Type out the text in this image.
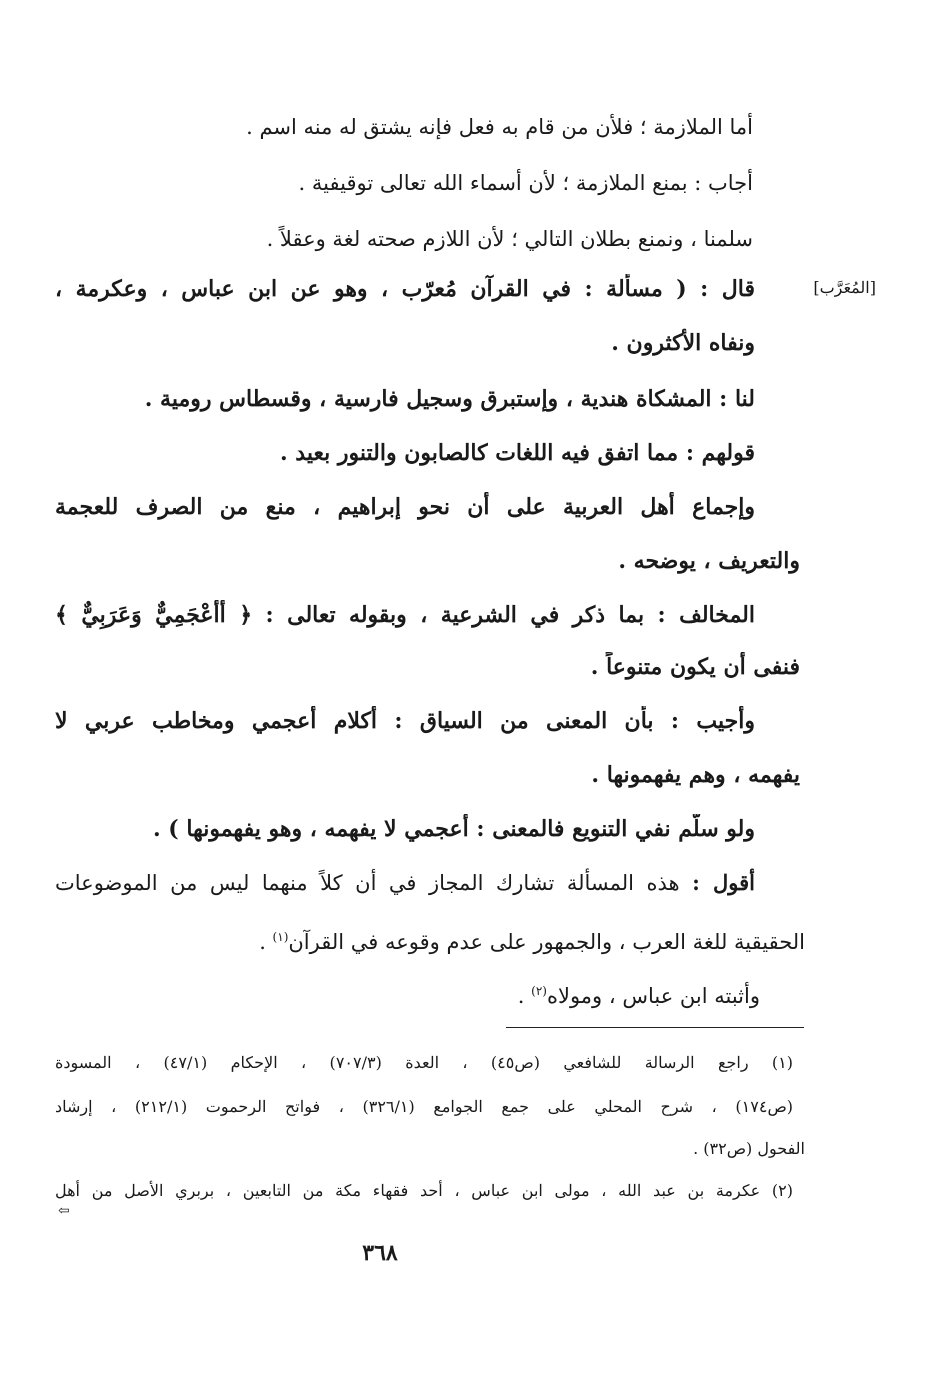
[المُعَرَّب]
أما الملازمة ؛ فلأن من قام به فعل فإنه يشتق له منه اسم .
أجاب : بمنع الملازمة ؛ لأن أسماء الله تعالى توقيفية .
سلمنا ، ونمنع بطلان التالي ؛ لأن اللازم صحته لغة وعقلاً .
قال : ( مسألة : في القرآن مُعرّب ، وهو عن ابن عباس ، وعكرمة ،
ونفاه الأكثرون .
لنا : المشكاة هندية ، وإستبرق وسجيل فارسية ، وقسطاس رومية .
قولهم : مما اتفق فيه اللغات كالصابون والتنور بعيد .
وإجماع أهل العربية على أن نحو إبراهيم ، منع من الصرف للعجمة
والتعريف ، يوضحه .
المخالف : بما ذكر في الشرعية ، وبقوله تعالى : ﴿ أَأَعْجَمِيٌّ وَعَرَبِيٌّ ﴾
فنفى أن يكون متنوعاً .
وأجيب : بأن المعنى من السياق : أكلام أعجمي ومخاطب عربي لا
يفهمه ، وهم يفهمونها .
ولو سلّم نفي التنويع فالمعنى : أعجمي لا يفهمه ، وهو يفهمونها ) .
أقول : هذه المسألة تشارك المجاز في أن كلاً منهما ليس من الموضوعات
الحقيقية للغة العرب ، والجمهور على عدم وقوعه في القرآن$^{(١)}$ .
وأثبته ابن عباس ، ومولاه$^{(٢)}$ .
(١) راجع الرسالة للشافعي (ص٤٥) ، العدة (٧٠٧/٣) ، الإحكام (٤٧/١) ، المسودة
(ص١٧٤) ، شرح المحلي على جمع الجوامع (٣٢٦/١) ، فواتح الرحموت (٢١٢/١) ، إرشاد
الفحول (ص٣٢) .
(٢) عكرمة بن عبد الله ، مولى ابن عباس ، أحد فقهاء مكة من التابعين ، بربري الأصل من أهل
⇦
٣٦٨
